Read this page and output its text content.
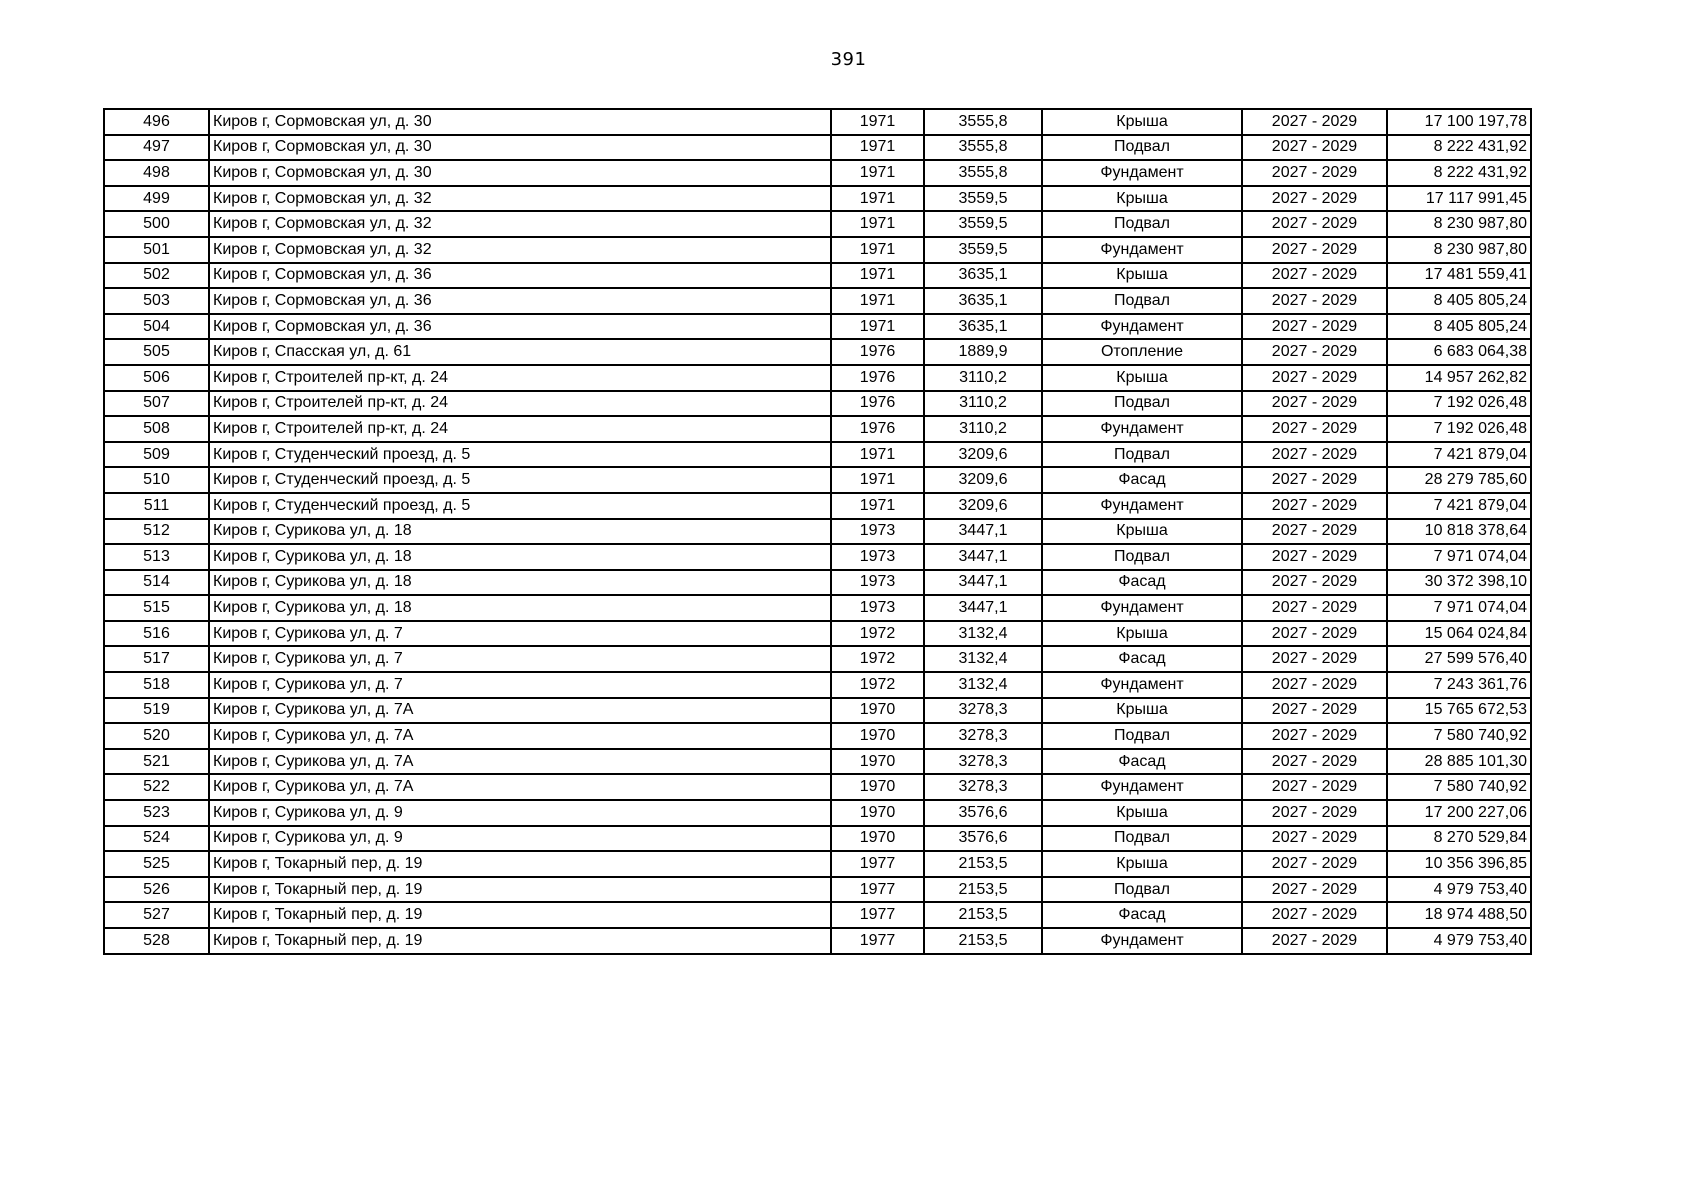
391
496	Киров г, Сормовская ул, д. 30	1971	3555,8	Крыша	2027 - 2029	17 100 197,78
497	Киров г, Сормовская ул, д. 30	1971	3555,8	Подвал	2027 - 2029	8 222 431,92
498	Киров г, Сормовская ул, д. 30	1971	3555,8	Фундамент	2027 - 2029	8 222 431,92
499	Киров г, Сормовская ул, д. 32	1971	3559,5	Крыша	2027 - 2029	17 117 991,45
500	Киров г, Сормовская ул, д. 32	1971	3559,5	Подвал	2027 - 2029	8 230 987,80
501	Киров г, Сормовская ул, д. 32	1971	3559,5	Фундамент	2027 - 2029	8 230 987,80
502	Киров г, Сормовская ул, д. 36	1971	3635,1	Крыша	2027 - 2029	17 481 559,41
503	Киров г, Сормовская ул, д. 36	1971	3635,1	Подвал	2027 - 2029	8 405 805,24
504	Киров г, Сормовская ул, д. 36	1971	3635,1	Фундамент	2027 - 2029	8 405 805,24
505	Киров г, Спасская ул, д. 61	1976	1889,9	Отопление	2027 - 2029	6 683 064,38
506	Киров г, Строителей пр-кт, д. 24	1976	3110,2	Крыша	2027 - 2029	14 957 262,82
507	Киров г, Строителей пр-кт, д. 24	1976	3110,2	Подвал	2027 - 2029	7 192 026,48
508	Киров г, Строителей пр-кт, д. 24	1976	3110,2	Фундамент	2027 - 2029	7 192 026,48
509	Киров г, Студенческий проезд, д. 5	1971	3209,6	Подвал	2027 - 2029	7 421 879,04
510	Киров г, Студенческий проезд, д. 5	1971	3209,6	Фасад	2027 - 2029	28 279 785,60
511	Киров г, Студенческий проезд, д. 5	1971	3209,6	Фундамент	2027 - 2029	7 421 879,04
512	Киров г, Сурикова ул, д. 18	1973	3447,1	Крыша	2027 - 2029	10 818 378,64
513	Киров г, Сурикова ул, д. 18	1973	3447,1	Подвал	2027 - 2029	7 971 074,04
514	Киров г, Сурикова ул, д. 18	1973	3447,1	Фасад	2027 - 2029	30 372 398,10
515	Киров г, Сурикова ул, д. 18	1973	3447,1	Фундамент	2027 - 2029	7 971 074,04
516	Киров г, Сурикова ул, д. 7	1972	3132,4	Крыша	2027 - 2029	15 064 024,84
517	Киров г, Сурикова ул, д. 7	1972	3132,4	Фасад	2027 - 2029	27 599 576,40
518	Киров г, Сурикова ул, д. 7	1972	3132,4	Фундамент	2027 - 2029	7 243 361,76
519	Киров г, Сурикова ул, д. 7А	1970	3278,3	Крыша	2027 - 2029	15 765 672,53
520	Киров г, Сурикова ул, д. 7А	1970	3278,3	Подвал	2027 - 2029	7 580 740,92
521	Киров г, Сурикова ул, д. 7А	1970	3278,3	Фасад	2027 - 2029	28 885 101,30
522	Киров г, Сурикова ул, д. 7А	1970	3278,3	Фундамент	2027 - 2029	7 580 740,92
523	Киров г, Сурикова ул, д. 9	1970	3576,6	Крыша	2027 - 2029	17 200 227,06
524	Киров г, Сурикова ул, д. 9	1970	3576,6	Подвал	2027 - 2029	8 270 529,84
525	Киров г, Токарный пер, д. 19	1977	2153,5	Крыша	2027 - 2029	10 356 396,85
526	Киров г, Токарный пер, д. 19	1977	2153,5	Подвал	2027 - 2029	4 979 753,40
527	Киров г, Токарный пер, д. 19	1977	2153,5	Фасад	2027 - 2029	18 974 488,50
528	Киров г, Токарный пер, д. 19	1977	2153,5	Фундамент	2027 - 2029	4 979 753,40
